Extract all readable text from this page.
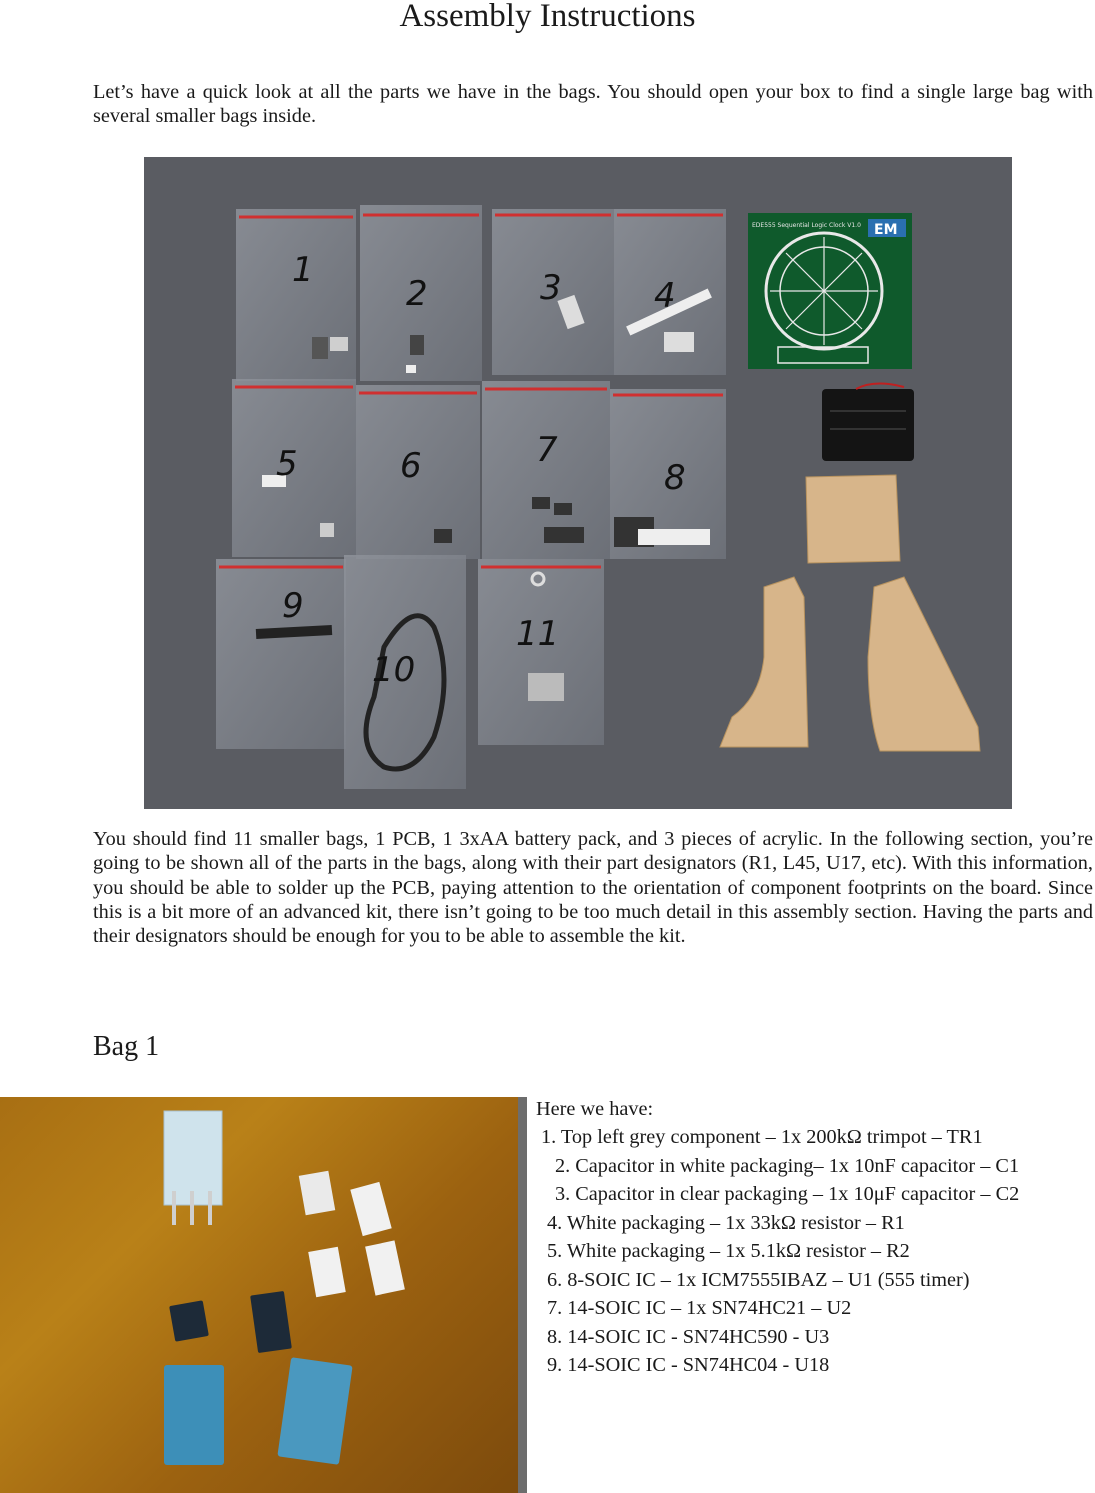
Assembly Instructions
Let’s have a quick look at all the parts we have in the bags. You should open your box to find a single large bag with several smaller bags inside.
1
2	3	4
5	6	7
8
9
10
11
EDE555 Sequential Logic Clock V1.0 EM
You should find 11 smaller bags, 1 PCB, 1 3xAA battery pack, and 3 pieces of acrylic. In the following section, you’re going to be shown all of the parts in the bags, along with their part designators (R1, L45, U17, etc). With this information, you should be able to solder up the PCB, paying attention to the orientation of component footprints on the board. Since this is a bit more of an advanced kit, there isn’t going to be too much detail in this assembly section. Having the parts and their designators should be enough for you to be able to assemble the kit.
Bag 1
Here we have:
1. Top left grey component – 1x 200kΩ trimpot – TR1
2. Capacitor in white packaging– 1x 10nF capacitor – C1
3. Capacitor in clear packaging – 1x 10μF capacitor – C2
4. White packaging – 1x 33kΩ resistor – R1
5. White packaging – 1x 5.1kΩ resistor – R2
6. 8-SOIC IC – 1x ICM7555IBAZ – U1 (555 timer)
7. 14-SOIC IC – 1x SN74HC21 – U2
8. 14-SOIC IC - SN74HC590 - U3
9. 14-SOIC IC - SN74HC04 - U18
